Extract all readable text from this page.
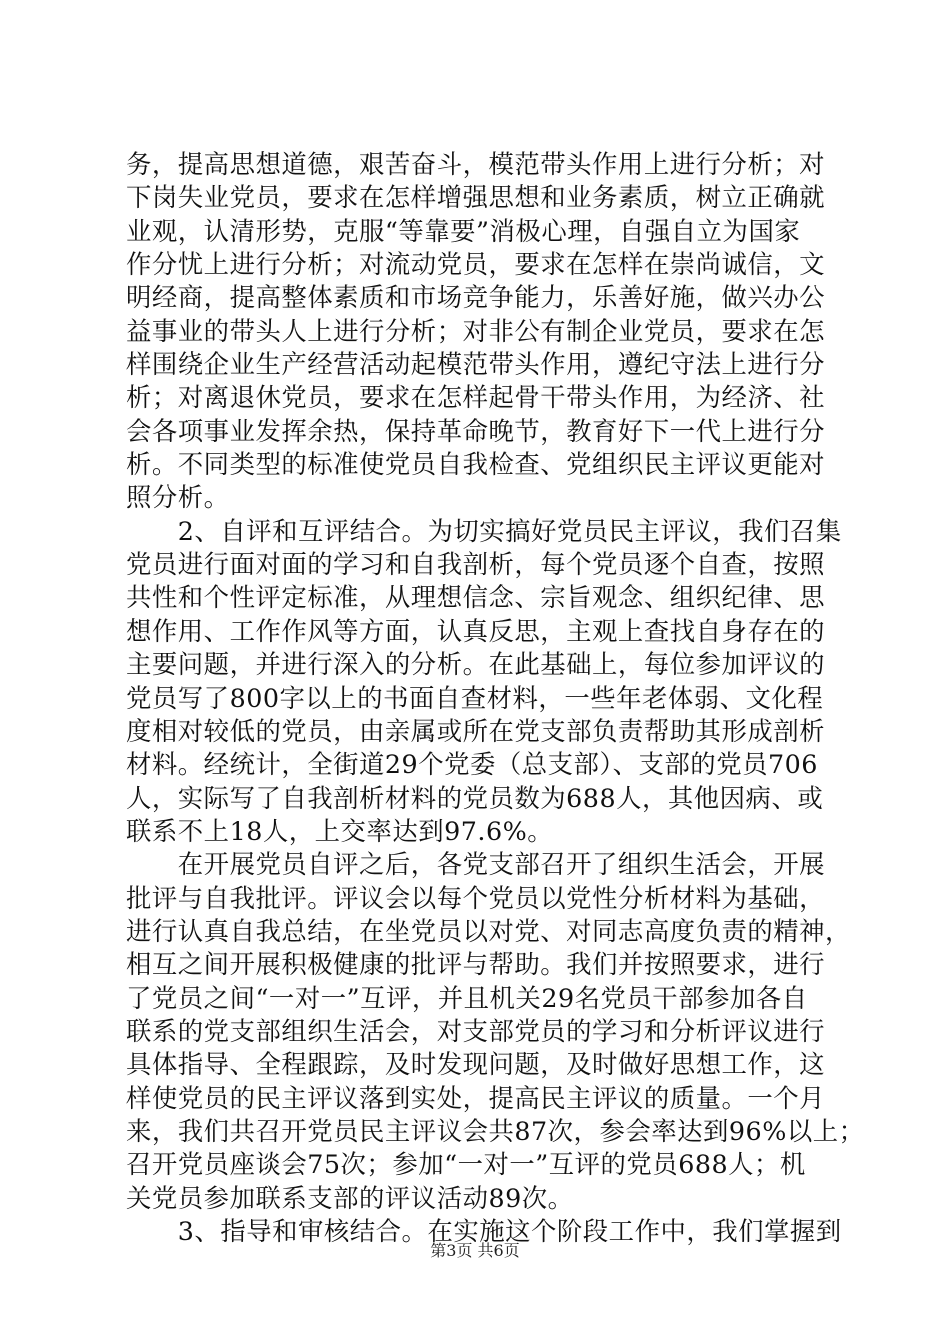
务，提高思想道德，艰苦奋斗，模范带头作用上进行分析；对
下岗失业党员，要求在怎样增强思想和业务素质，树立正确就
业观，认清形势，克服“等靠要”消极心理，自强自立为国家
作分忧上进行分析；对流动党员，要求在怎样在崇尚诚信，文
明经商，提高整体素质和市场竞争能力，乐善好施，做兴办公
益事业的带头人上进行分析；对非公有制企业党员，要求在怎
样围绕企业生产经营活动起模范带头作用，遵纪守法上进行分
析；对离退休党员，要求在怎样起骨干带头作用，为经济、社
会各项事业发挥余热，保持革命晚节，教育好下一代上进行分
析。不同类型的标准使党员自我检查、党组织民主评议更能对
照分析。
　　2、自评和互评结合。为切实搞好党员民主评议，我们召集
党员进行面对面的学习和自我剖析，每个党员逐个自查，按照
共性和个性评定标准，从理想信念、宗旨观念、组织纪律、思
想作用、工作作风等方面，认真反思，主观上查找自身存在的
主要问题，并进行深入的分析。在此基础上，每位参加评议的
党员写了800字以上的书面自查材料，一些年老体弱、文化程
度相对较低的党员，由亲属或所在党支部负责帮助其形成剖析
材料。经统计，全街道29个党委（总支部）、支部的党员706
人，实际写了自我剖析材料的党员数为688人，其他因病、或
联系不上18人，上交率达到97.6%。
　　在开展党员自评之后，各党支部召开了组织生活会，开展
批评与自我批评。评议会以每个党员以党性分析材料为基础，
进行认真自我总结，在坐党员以对党、对同志高度负责的精神，
相互之间开展积极健康的批评与帮助。我们并按照要求，进行
了党员之间“一对一”互评，并且机关29名党员干部参加各自
联系的党支部组织生活会，对支部党员的学习和分析评议进行
具体指导、全程跟踪，及时发现问题，及时做好思想工作，这
样使党员的民主评议落到实处，提高民主评议的质量。一个月
来，我们共召开党员民主评议会共87次，参会率达到96%以上；
召开党员座谈会75次；参加“一对一”互评的党员688人；机
关党员参加联系支部的评议活动89次。
　　3、指导和审核结合。在实施这个阶段工作中，我们掌握到
第3页 共6页
